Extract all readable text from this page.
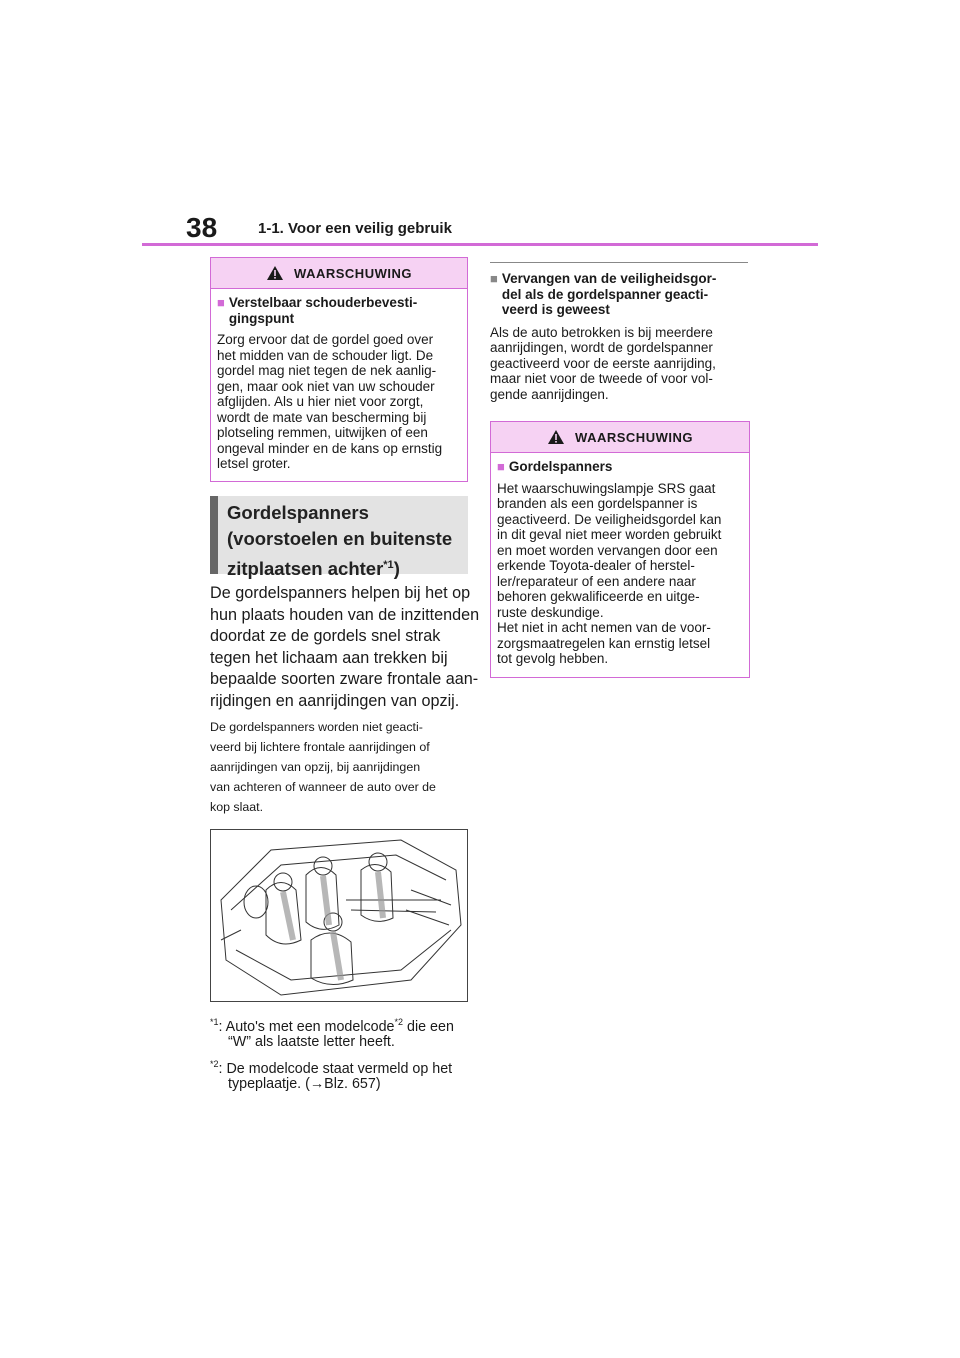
38	1-1. Voor een veilig gebruik
WAARSCHUWING
■ Verstelbaar schouderbevesti-
gingspunt
Zorg ervoor dat de gordel goed over
het midden van de schouder ligt. De
gordel mag niet tegen de nek aanlig-
gen, maar ook niet van uw schouder
afglijden. Als u hier niet voor zorgt,
wordt de mate van bescherming bij
plotseling remmen, uitwijken of een
ongeval minder en de kans op ernstig
letsel groter.
Gordelspanners
(voorstoelen en buitenste
zitplaatsen achter$^{*1}$)
De gordelspanners helpen bij het op
hun plaats houden van de inzittenden
doordat ze de gordels snel strak
tegen het lichaam aan trekken bij
bepaalde soorten zware frontale aan-
rijdingen en aanrijdingen van opzij.
De gordelspanners worden niet geacti-
veerd bij lichtere frontale aanrijdingen of
aanrijdingen van opzij, bij aanrijdingen
van achteren of wanneer de auto over de
kop slaat.
$^{*1}$: Auto's met een modelcode$^{*2}$ die een
“W” als laatste letter heeft.
$^{*2}$: De modelcode staat vermeld op het
typeplaatje. (→Blz. 657)
■ Vervangen van de veiligheidsgor-
del als de gordelspanner geacti-
veerd is geweest
Als de auto betrokken is bij meerdere
aanrijdingen, wordt de gordelspanner
geactiveerd voor de eerste aanrijding,
maar niet voor de tweede of voor vol-
gende aanrijdingen.
WAARSCHUWING
■ Gordelspanners
Het waarschuwingslampje SRS gaat
branden als een gordelspanner is
geactiveerd. De veiligheidsgordel kan
in dit geval niet meer worden gebruikt
en moet worden vervangen door een
erkende Toyota-dealer of herstel-
ler/reparateur of een andere naar
behoren gekwalificeerde en uitge-
ruste deskundige.
Het niet in acht nemen van de voor-
zorgsmaatregelen kan ernstig letsel
tot gevolg hebben.
